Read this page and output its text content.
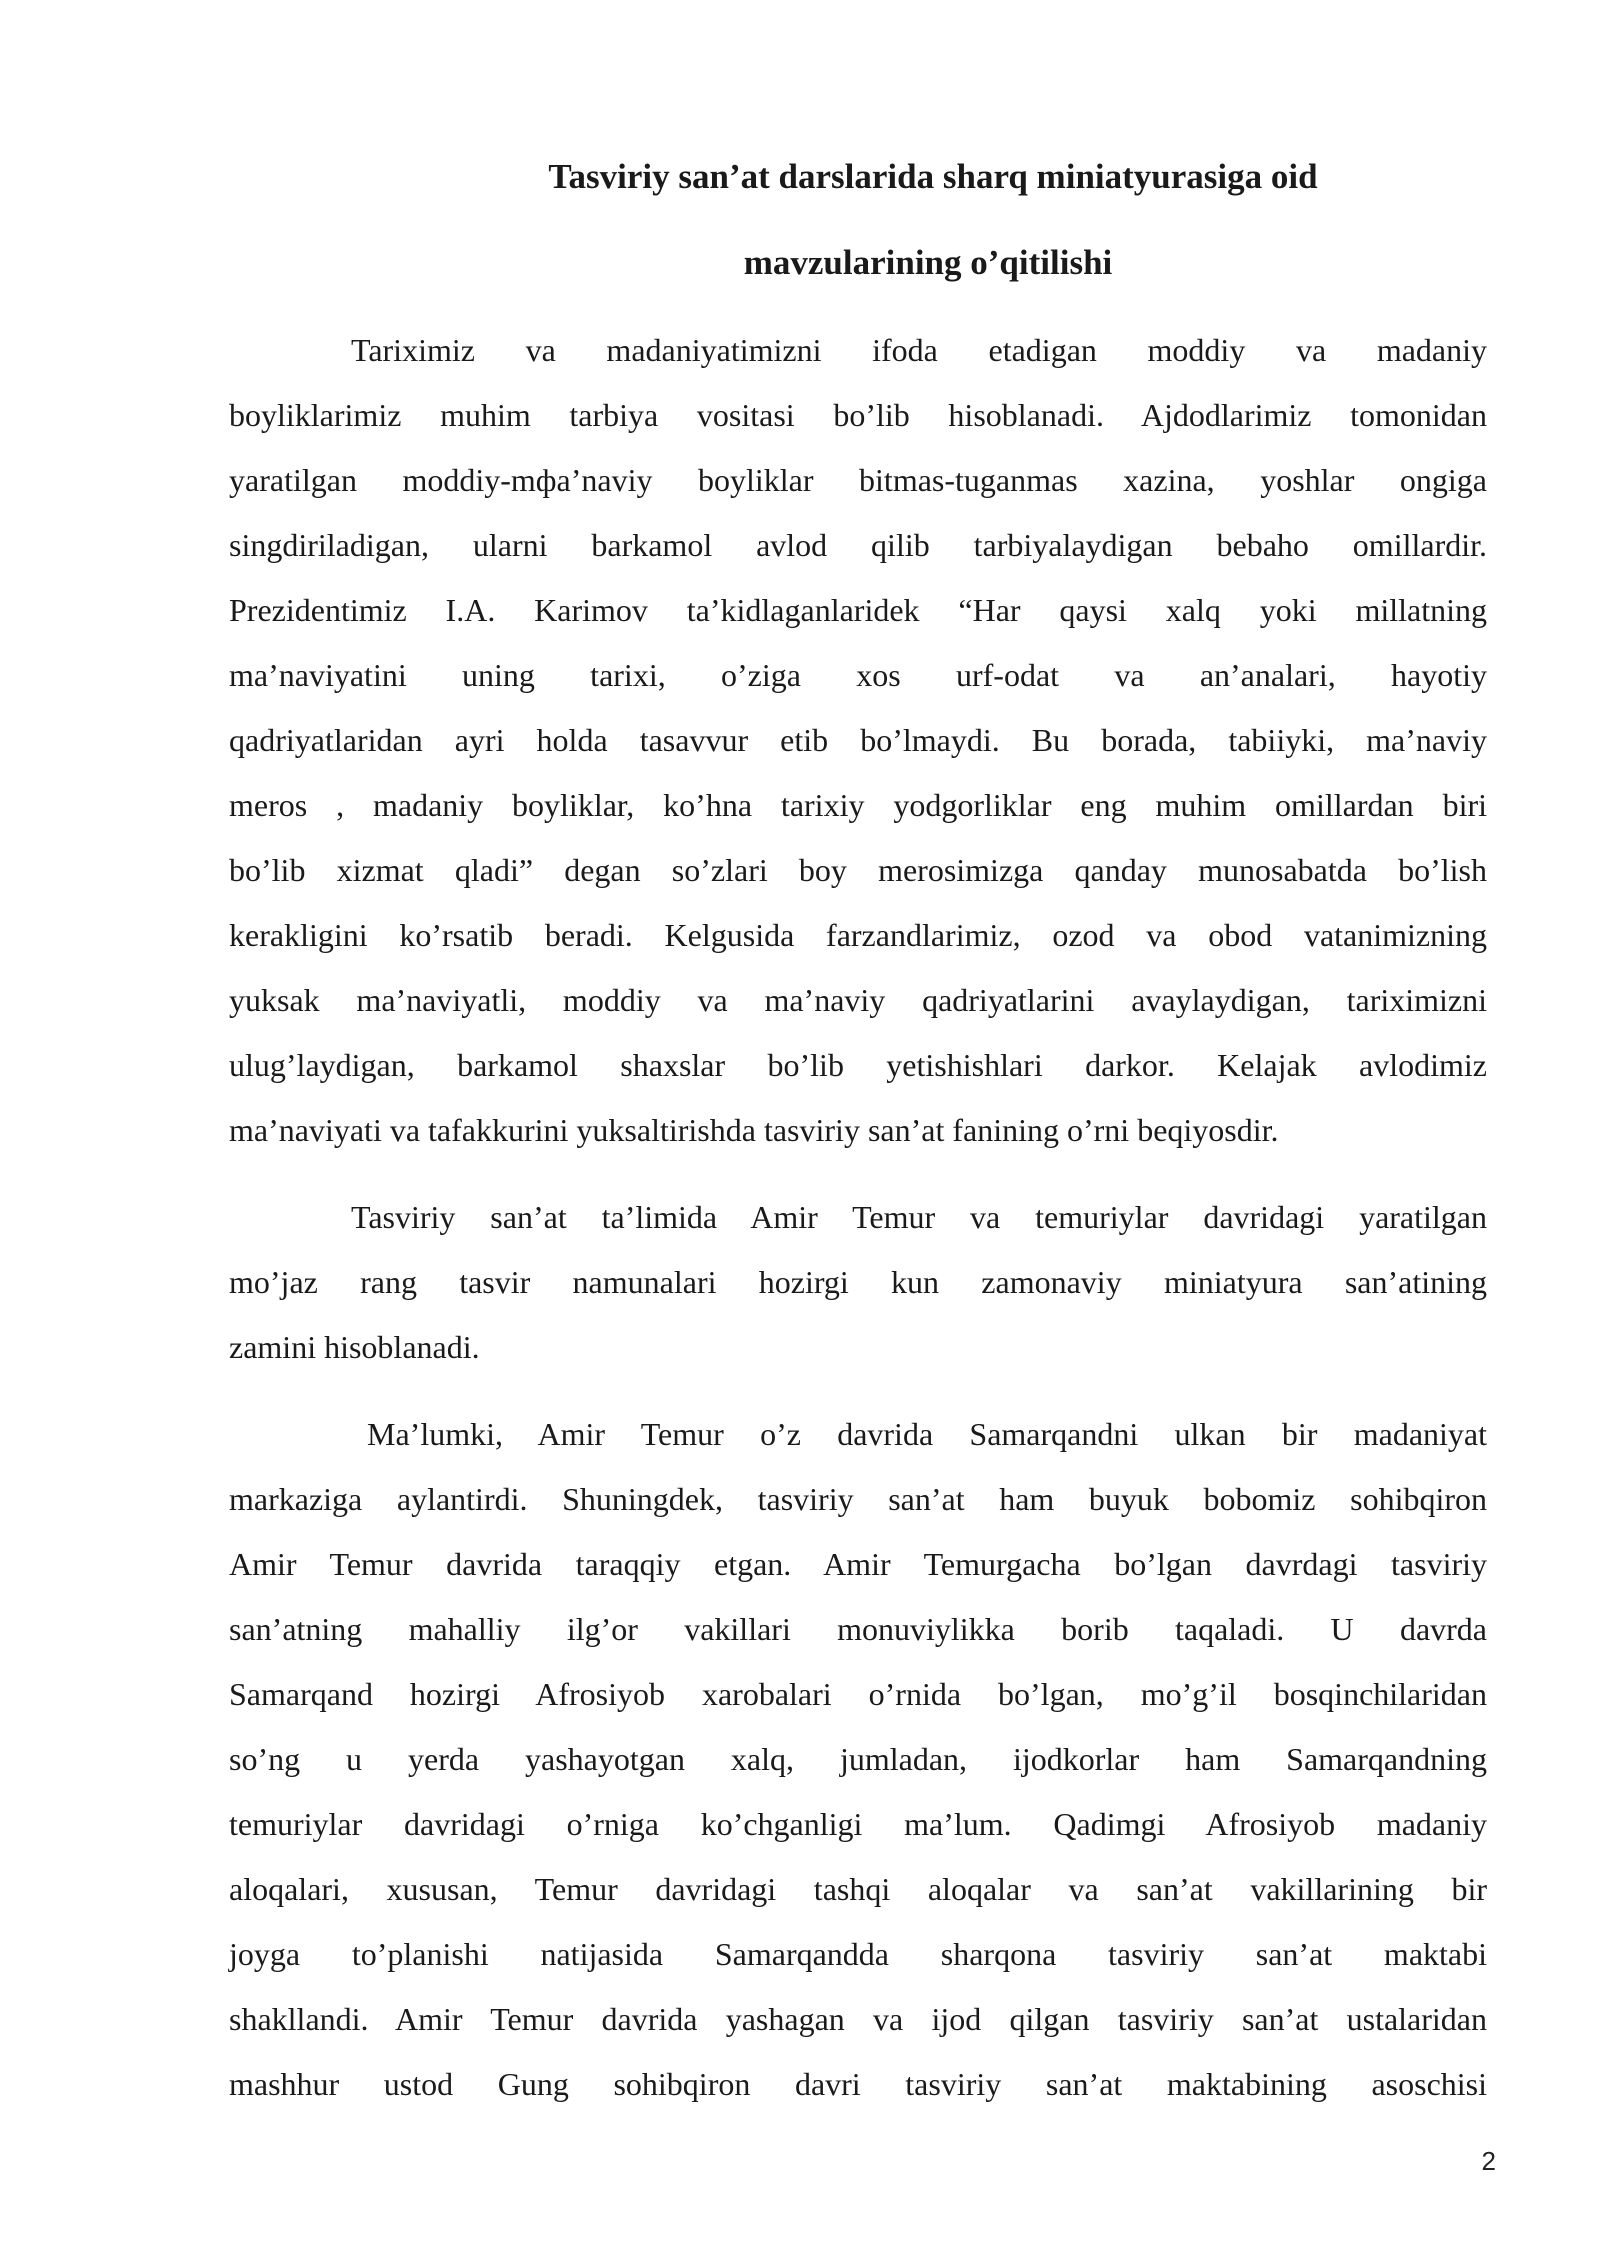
Tasviriy san’at darslarida sharq miniatyurasiga oid
mavzularining o’qitilishi
Tariximiz va madaniyatimizni ifoda etadigan moddiy va madaniy
boyliklarimiz muhim tarbiya vositasi bo’lib hisoblanadi. Ajdodlarimiz tomonidan
yaratilgan moddiy-mфa’naviy boyliklar bitmas-tuganmas xazina, yoshlar ongiga
singdiriladigan, ularni barkamol avlod qilib tarbiyalaydigan bebaho omillardir.
Prezidentimiz I.A. Karimov ta’kidlaganlaridek “Har qaysi xalq yoki millatning
ma’naviyatini uning tarixi, o’ziga xos urf-odat va an’analari, hayotiy
qadriyatlaridan ayri holda tasavvur etib bo’lmaydi. Bu borada, tabiiyki, ma’naviy
meros , madaniy boyliklar, ko’hna tarixiy yodgorliklar eng muhim omillardan biri
bo’lib xizmat qladi” degan so’zlari boy merosimizga qanday munosabatda bo’lish
kerakligini ko’rsatib beradi. Kelgusida farzandlarimiz, ozod va obod vatanimizning
yuksak ma’naviyatli, moddiy va ma’naviy qadriyatlarini avaylaydigan, tariximizni
ulug’laydigan, barkamol shaxslar bo’lib yetishishlari darkor. Kelajak avlodimiz
ma’naviyati va tafakkurini yuksaltirishda tasviriy san’at fanining o’rni beqiyosdir.
Tasviriy san’at ta’limida Amir Temur va temuriylar davridagi yaratilgan
mo’jaz rang tasvir namunalari hozirgi kun zamonaviy miniatyura san’atining
zamini hisoblanadi.
Ma’lumki, Amir Temur o’z davrida Samarqandni ulkan bir madaniyat
markaziga aylantirdi. Shuningdek, tasviriy san’at ham buyuk bobomiz sohibqiron
Amir Temur davrida taraqqiy etgan. Amir Temurgacha bo’lgan davrdagi tasviriy
san’atning mahalliy ilg’or vakillari monuviylikka borib taqaladi. U davrda
Samarqand hozirgi Afrosiyob xarobalari o’rnida bo’lgan, mo’g’il bosqinchilaridan
so’ng u yerda yashayotgan xalq, jumladan, ijodkorlar ham Samarqandning
temuriylar davridagi o’rniga ko’chganligi ma’lum. Qadimgi Afrosiyob madaniy
aloqalari, xususan, Temur davridagi tashqi aloqalar va san’at vakillarining bir
joyga to’planishi natijasida Samarqandda sharqona tasviriy san’at maktabi
shakllandi. Amir Temur davrida yashagan va ijod qilgan tasviriy san’at ustalaridan
mashhur ustod Gung sohibqiron davri tasviriy san’at maktabining asoschisi
2
